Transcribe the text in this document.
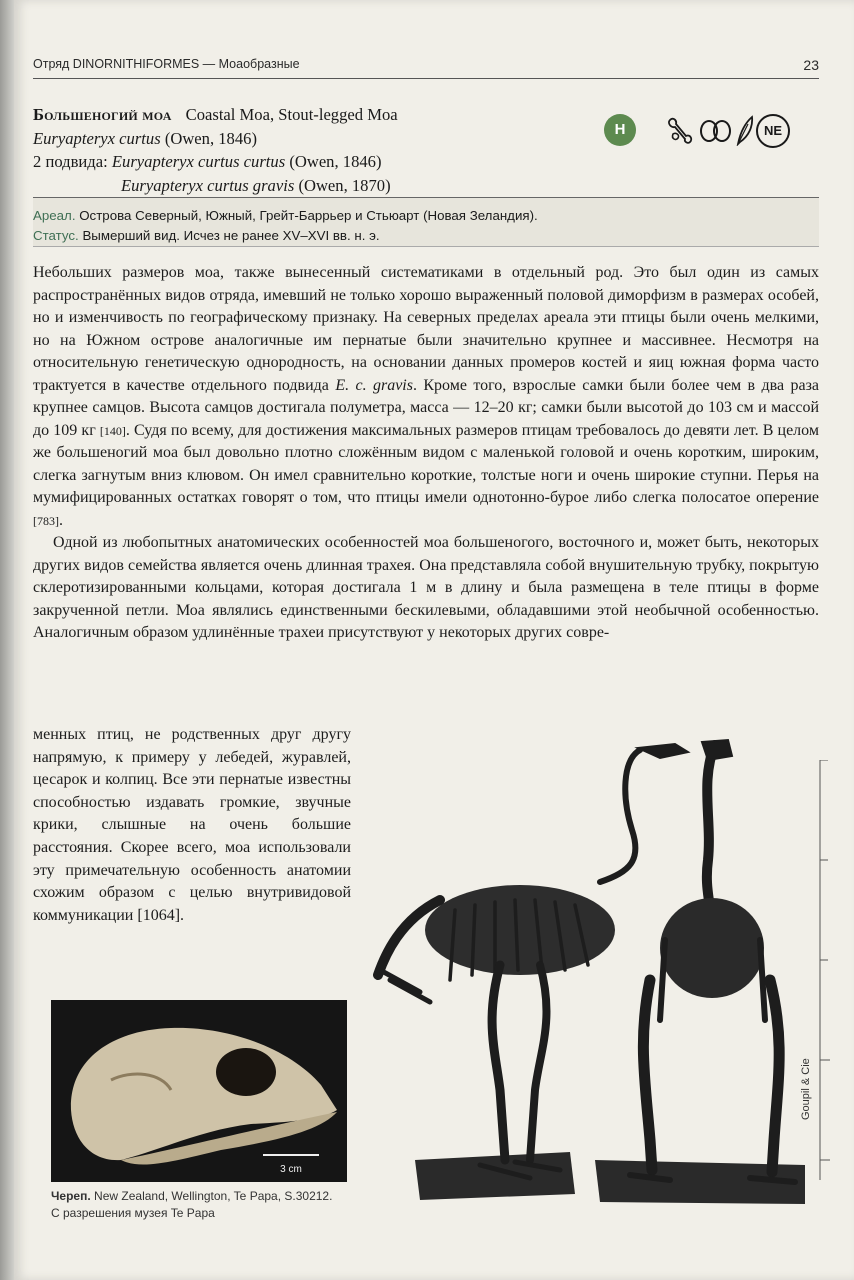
Отряд DINORNITHIFORMES — Моаобразные	23
Большеногий моа Coastal Moa, Stout-legged Moa
Euryapteryx curtus (Owen, 1846)
2 подвида: Euryapteryx curtus curtus (Owen, 1846)
Euryapteryx curtus gravis (Owen, 1870)
H	NE
Ареал. Острова Северный, Южный, Грейт-Баррьер и Стьюарт (Новая Зеландия).
Статус. Вымерший вид. Исчез не ранее XV–XVI вв. н. э.

Небольших размеров моа, также вынесенный систематиками в отдельный род. Это был один из самых распространённых видов отряда, имевший не только хорошо выраженный половой диморфизм в размерах особей, но и изменчивость по географическому признаку. На северных пределах ареала эти птицы были очень мелкими, но на Южном острове аналогичные им пернатые были значительно крупнее и массивнее. Несмотря на относительную генетическую однородность, на основании данных промеров костей и яиц южная форма часто трактуется в качестве отдельного подвида E. c. gravis. Кроме того, взрослые самки были более чем в два раза крупнее самцов. Высота самцов достигала полуметра, масса — 12–20 кг; самки были высотой до 103 см и массой до 109 кг [140]. Судя по всему, для достижения максимальных размеров птицам требовалось до девяти лет. В целом же большеногий моа был довольно плотно сложённым видом с маленькой головой и очень коротким, широким, слегка загнутым вниз клювом. Он имел сравнительно короткие, толстые ноги и очень широкие ступни. Перья на мумифицированных остатках говорят о том, что птицы имели однотонно-бурое либо слегка полосатое оперение [783].

Одной из любопытных анатомических особенностей моа большеногого, восточного и, может быть, некоторых других видов семейства является очень длинная трахея. Она представляла собой внушительную трубку, покрытую склеротизированными кольцами, которая достигала 1 м в длину и была размещена в теле птицы в форме закрученной петли. Моа являлись единственными бескилевыми, обладавшими этой необычной особенностью. Аналогичным образом удлинённые трахеи присутствуют у некоторых других совре-

менных птиц, не родственных друг другу напрямую, к примеру у лебедей, журавлей, цесарок и колпиц. Все эти пернатые известны способностью издавать громкие, звучные крики, слышные на очень большие расстояния. Скорее всего, моа использовали эту примечательную особенность анатомии схожим образом с целью внутривидовой коммуникации [1064].
Goupil & Cie
3 cm
Череп. New Zealand, Wellington, Te Papa, S.30212.
С разрешения музея Te Papa
